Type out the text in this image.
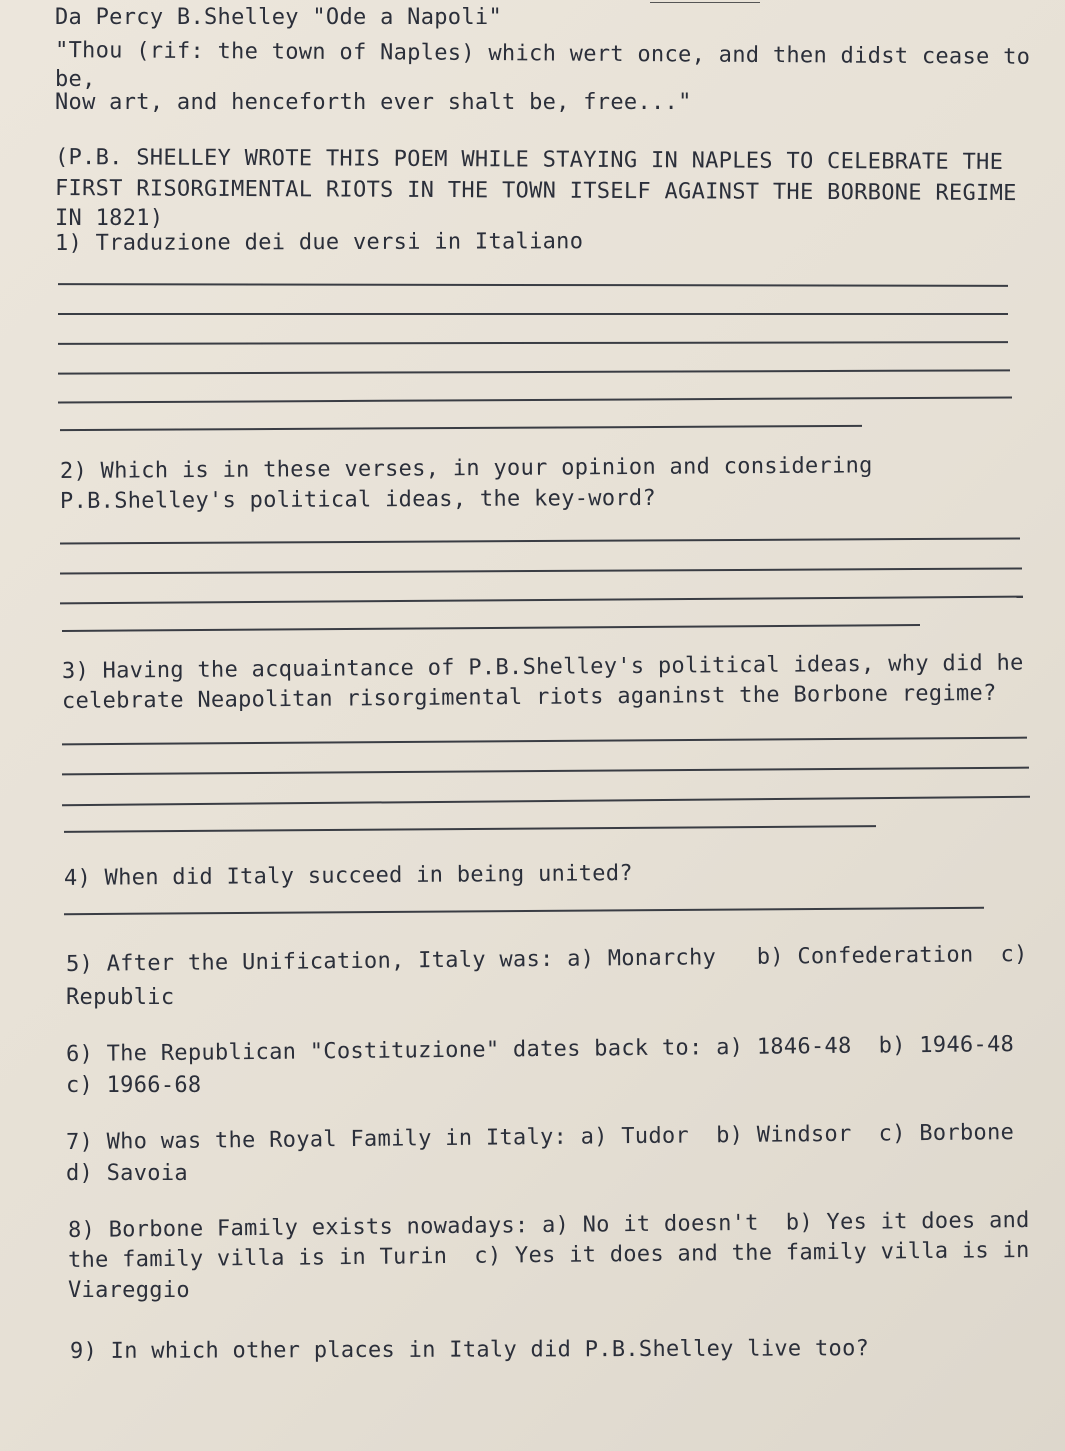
Da Percy B.Shelley "Ode a Napoli"
"Thou (rif: the town of Naples) which wert once, and then didst cease to
be,
Now art, and henceforth ever shalt be, free..."
(P.B. SHELLEY WROTE THIS POEM WHILE STAYING IN NAPLES TO CELEBRATE THE
FIRST RISORGIMENTAL RIOTS IN THE TOWN ITSELF AGAINST THE BORBONE REGIME
IN 1821)
1) Traduzione dei due versi in Italiano
2) Which is in these verses, in your opinion and considering
P.B.Shelley's political ideas, the key-word?
3) Having the acquaintance of P.B.Shelley's political ideas, why did he
celebrate Neapolitan risorgimental riots aganinst the Borbone regime?
4) When did Italy succeed in being united?
5) After the Unification, Italy was: a) Monarchy   b) Confederation  c)
Republic
6) The Republican "Costituzione" dates back to: a) 1846-48  b) 1946-48
c) 1966-68
7) Who was the Royal Family in Italy: a) Tudor  b) Windsor  c) Borbone
d) Savoia
8) Borbone Family exists nowadays: a) No it doesn't  b) Yes it does and
the family villa is in Turin  c) Yes it does and the family villa is in
Viareggio
9) In which other places in Italy did P.B.Shelley live too?
